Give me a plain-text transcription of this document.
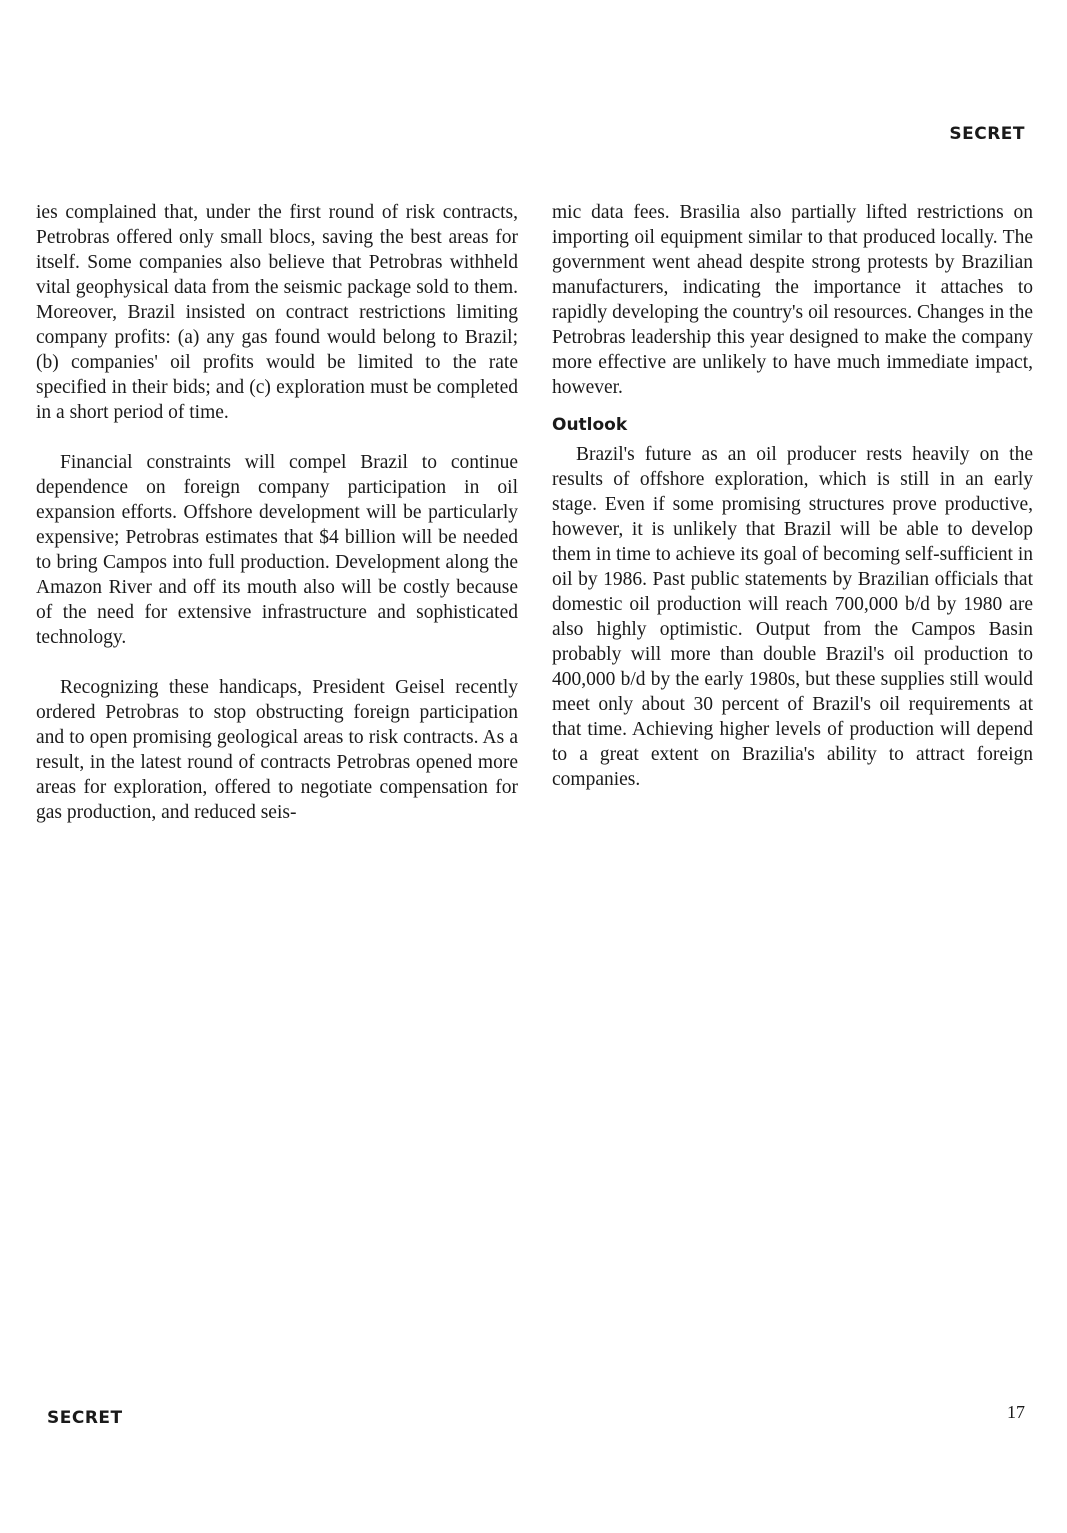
SECRET

ies complained that, under the first round of risk contracts, Petrobras offered only small blocs, saving the best areas for itself. Some companies also believe that Petrobras withheld vital geophysical data from the seismic package sold to them. Moreover, Brazil insisted on contract restrictions limiting company profits: (a) any gas found would belong to Brazil; (b) companies' oil profits would be limited to the rate specified in their bids; and (c) exploration must be completed in a short period of time.

Financial constraints will compel Brazil to continue dependence on foreign company participation in oil expansion efforts. Offshore development will be particularly expensive; Petrobras estimates that $4 billion will be needed to bring Campos into full production. Development along the Amazon River and off its mouth also will be costly because of the need for extensive infrastructure and sophisticated technology.

Recognizing these handicaps, President Geisel recently ordered Petrobras to stop obstructing foreign participation and to open promising geological areas to risk contracts. As a result, in the latest round of contracts Petrobras opened more areas for exploration, offered to negotiate compensation for gas production, and reduced seis-

mic data fees. Brasilia also partially lifted restrictions on importing oil equipment similar to that produced locally. The government went ahead despite strong protests by Brazilian manufacturers, indicating the importance it attaches to rapidly developing the country's oil resources. Changes in the Petrobras leadership this year designed to make the company more effective are unlikely to have much immediate impact, however.

Outlook

Brazil's future as an oil producer rests heavily on the results of offshore exploration, which is still in an early stage. Even if some promising structures prove productive, however, it is unlikely that Brazil will be able to develop them in time to achieve its goal of becoming self-sufficient in oil by 1986. Past public statements by Brazilian officials that domestic oil production will reach 700,000 b/d by 1980 are also highly optimistic. Output from the Campos Basin probably will more than double Brazil's oil production to 400,000 b/d by the early 1980s, but these supplies still would meet only about 30 percent of Brazil's oil requirements at that time. Achieving higher levels of production will depend to a great extent on Brazilia's ability to attract foreign companies.

SECRET	17
